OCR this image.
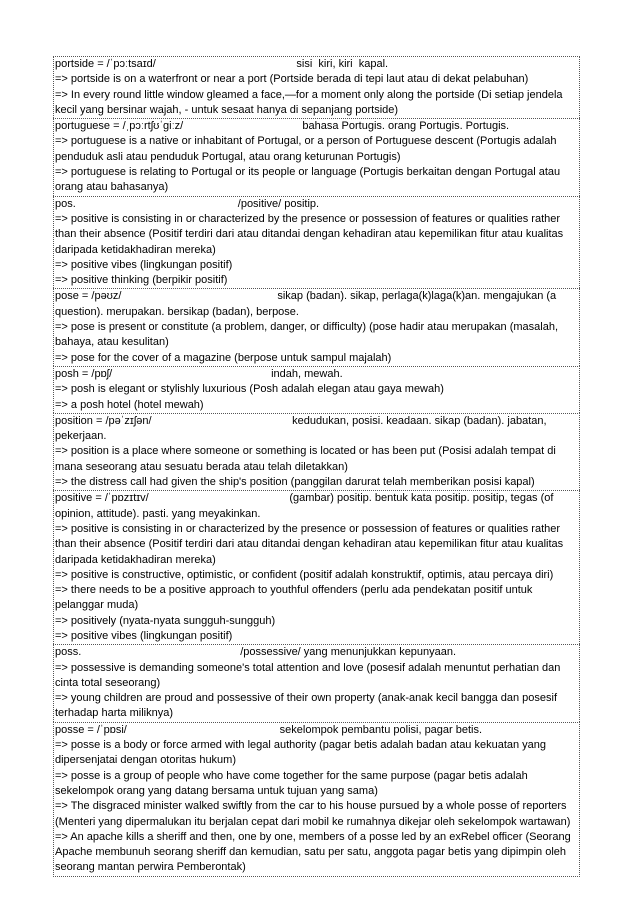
portside = /ˈpɔːtsaɪd/                                              sisi  kiri, kiri  kapal.
=> portside is on a waterfront or near a port (Portside berada di tepi laut atau di dekat pelabuhan)
=> In every round little window gleamed a face,—for a moment only along the portside (Di setiap jendela kecil yang bersinar wajah, - untuk sesaat hanya di sepanjang portside)
portuguese = /ˌpɔːrtʃʊˈgiːz/                                       bahasa Portugis. orang Portugis. Portugis.
=> portuguese is a native or inhabitant of Portugal, or a person of Portuguese descent (Portugis adalah penduduk asli atau penduduk Portugal, atau orang keturunan Portugis)
=> portuguese is relating to Portugal or its people or language (Portugis berkaitan dengan Portugal atau orang atau bahasanya)
pos.                                                     /positive/ positip.
=> positive is consisting in or characterized by the presence or possession of features or qualities rather than their absence (Positif terdiri dari atau ditandai dengan kehadiran atau kepemilikan fitur atau kualitas daripada ketidakhadiran mereka)
=> positive vibes (lingkungan positif)
=> positive thinking (berpikir positif)
pose = /pəʊz/                                                   sikap (badan). sikap, perlaga(k)laga(k)an. mengajukan (a question). merupakan. bersikap (badan), berpose.
=> pose is present or constitute (a problem, danger, or difficulty) (pose hadir atau merupakan (masalah, bahaya, atau kesulitan)
=> pose for the cover of a magazine (berpose untuk sampul majalah)
posh = /pɒʃ/                                                    indah, mewah.
=> posh is elegant or stylishly luxurious (Posh adalah elegan atau gaya mewah)
=> a posh hotel (hotel mewah)
position = /pəˈzɪʃən/                                              kedudukan, posisi. keadaan. sikap (badan). jabatan, pekerjaan.
=> position is a place where someone or something is located or has been put (Posisi adalah tempat di mana seseorang atau sesuatu berada atau telah diletakkan)
=> the distress call had given the ship's position (panggilan darurat telah memberikan posisi kapal)
positive = /ˈpɒzɪtɪv/                                              (gambar) positip. bentuk kata positip. positip, tegas (of opinion, attitude). pasti. yang meyakinkan.
=> positive is consisting in or characterized by the presence or possession of features or qualities rather than their absence (Positif terdiri dari atau ditandai dengan kehadiran atau kepemilikan fitur atau kualitas daripada ketidakhadiran mereka)
=> positive is constructive, optimistic, or confident (positif adalah konstruktif, optimis, atau percaya diri)
=> there needs to be a positive approach to youthful offenders (perlu ada pendekatan positif untuk pelanggar muda)
=> positively (nyata-nyata sungguh-sungguh)
=> positive vibes (lingkungan positif)
poss.                                                    /possessive/ yang menunjukkan kepunyaan.
=> possessive is demanding someone's total attention and love (posesif adalah menuntut perhatian dan cinta total seseorang)
=> young children are proud and possessive of their own property (anak-anak kecil bangga dan posesif terhadap harta miliknya)
posse = /ˈpɒsi/                                                  sekelompok pembantu polisi, pagar betis.
=> posse is a body or force armed with legal authority (pagar betis adalah badan atau kekuatan yang dipersenjatai dengan otoritas hukum)
=> posse is a group of people who have come together for the same purpose (pagar betis adalah sekelompok orang yang datang bersama untuk tujuan yang sama)
=> The disgraced minister walked swiftly from the car to his house pursued by a whole posse of reporters (Menteri yang dipermalukan itu berjalan cepat dari mobil ke rumahnya dikejar oleh sekelompok wartawan)
=> An apache kills a sheriff and then, one by one, members of a posse led by an exRebel officer (Seorang Apache membunuh seorang sheriff dan kemudian, satu per satu, anggota pagar betis yang dipimpin oleh seorang mantan perwira Pemberontak)
